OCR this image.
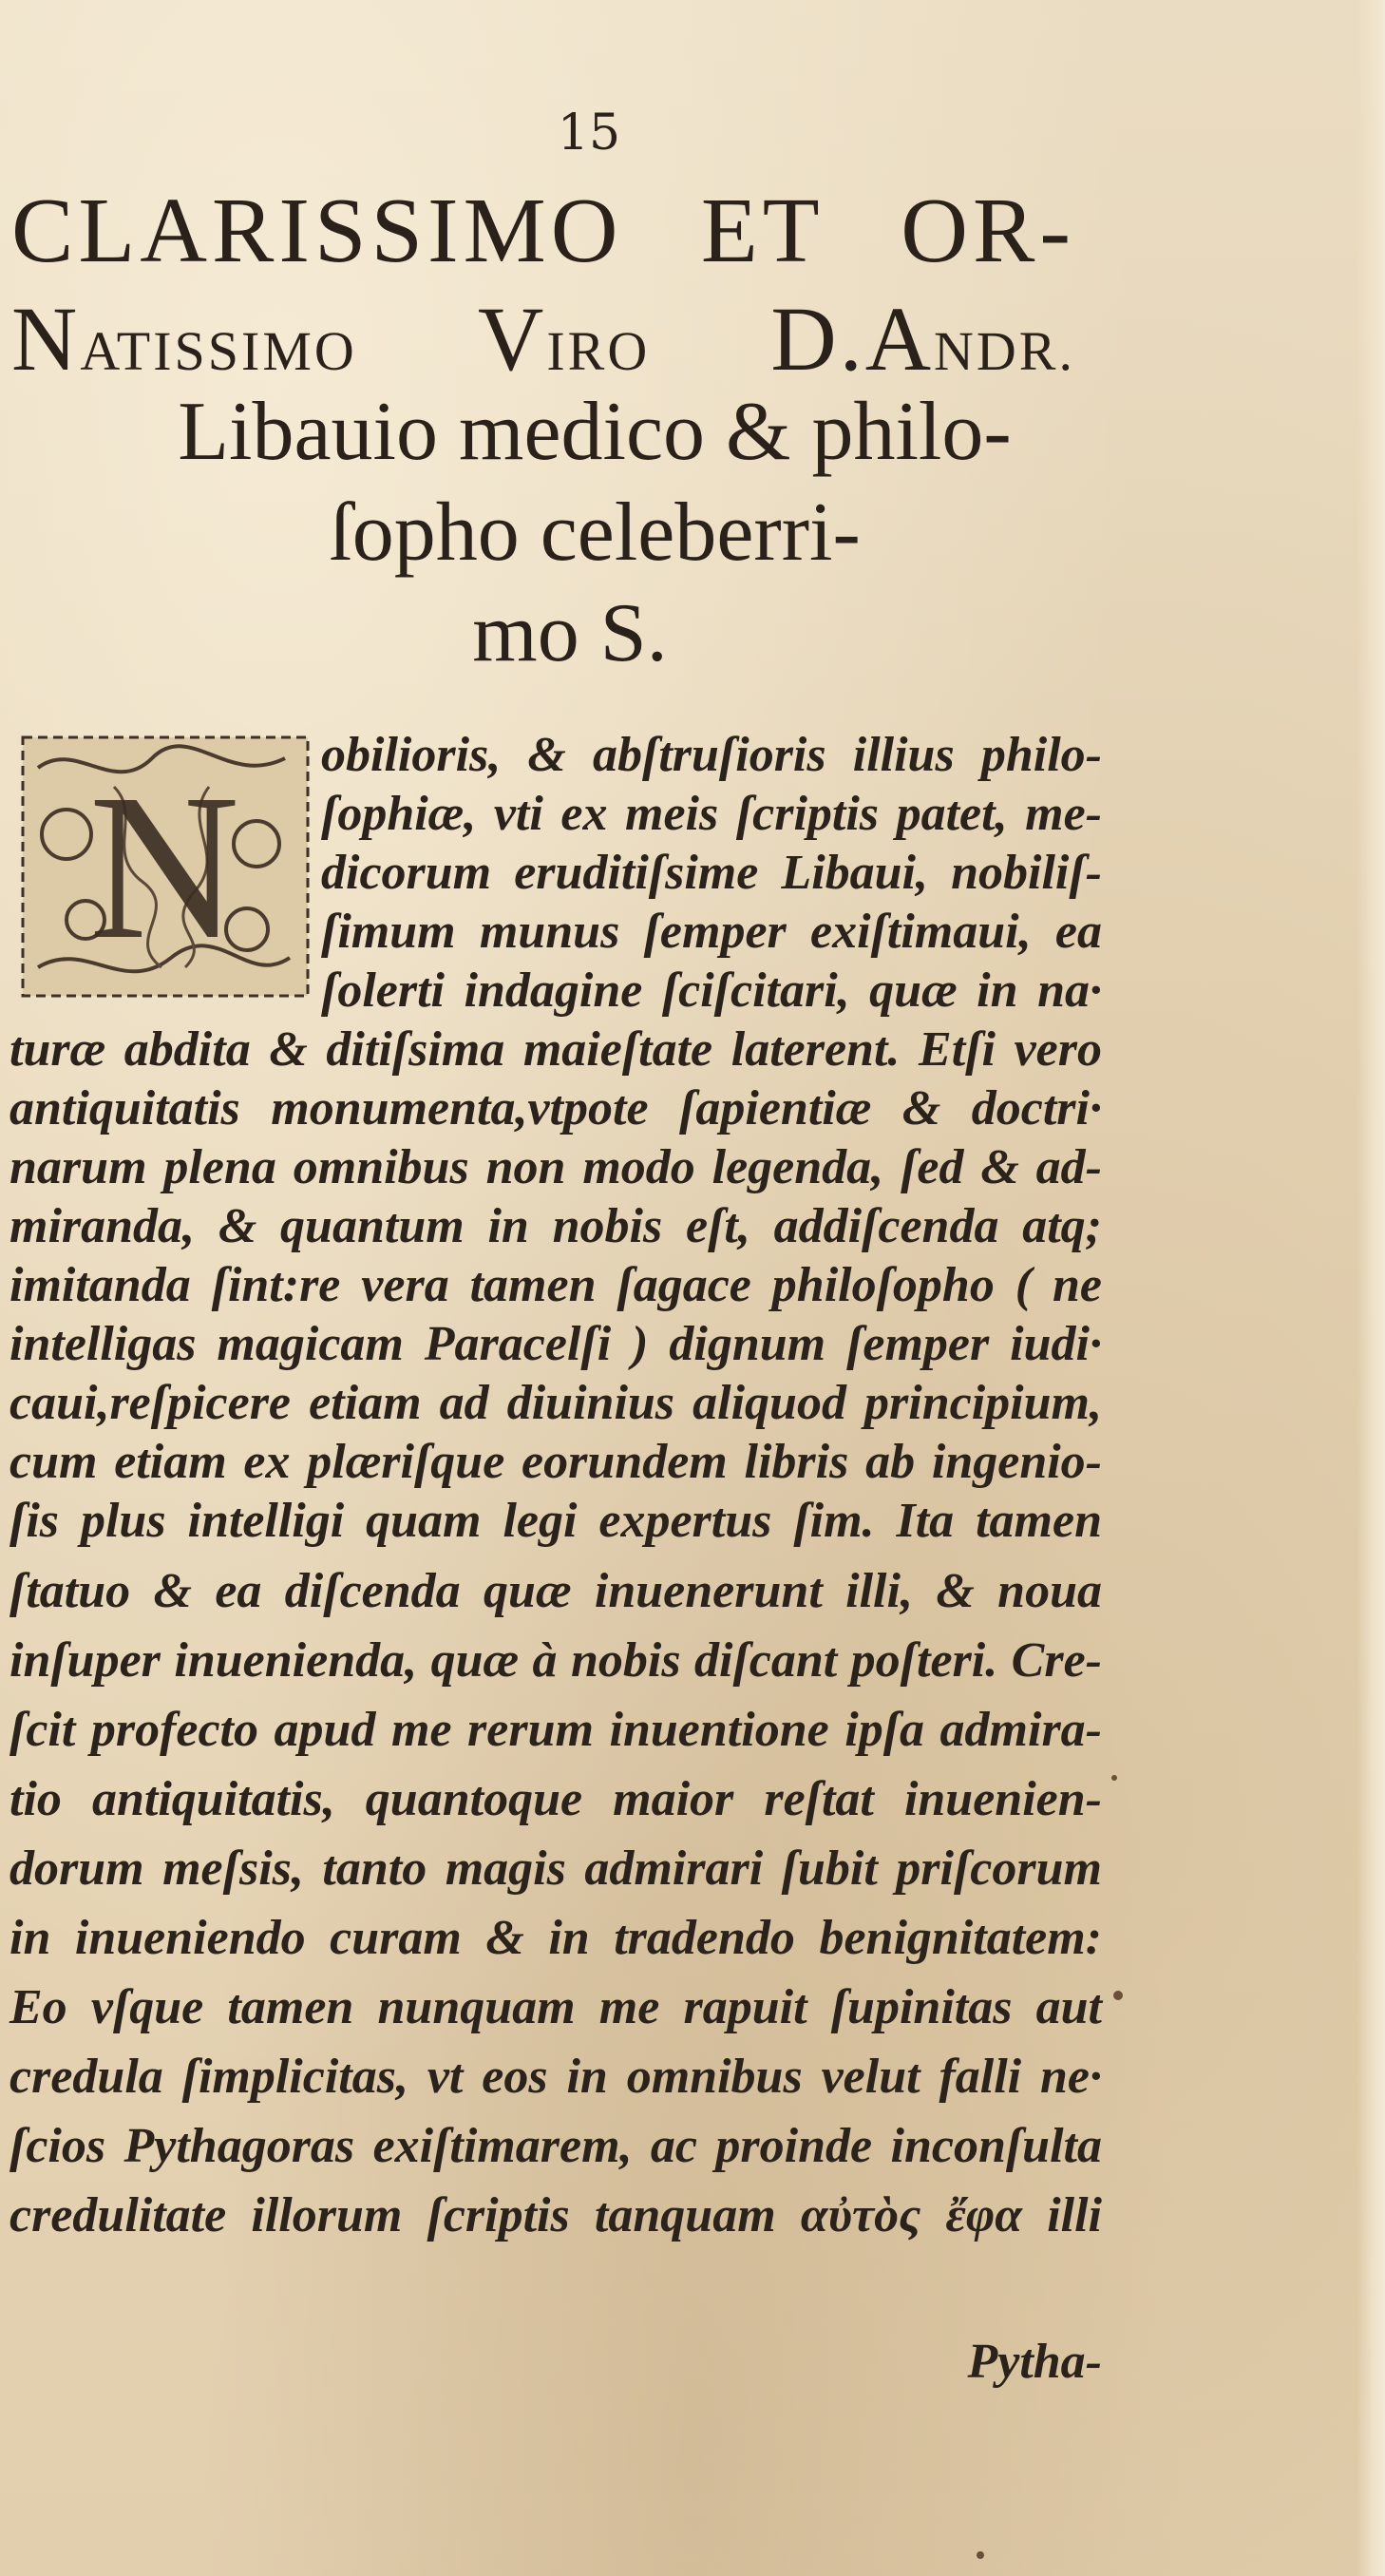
15
CLARISSIMO ET OR-
NATISSIMO VIRO D.ANDR.
Libauio medico & philo-
ſopho celeberri-
mo S.
N obilioris, & abſtruſioris illius philo-
ſophiæ, vti ex meis ſcriptis patet, me-
dicorum eruditiſsime Libaui, nobiliſ-
ſimum munus ſemper exiſtimaui, ea
ſolerti indagine ſciſcitari, quæ in na·
turæ abdita & ditiſsima maieſtate laterent. Etſi vero
antiquitatis monumenta,vtpote ſapientiæ & doctri·
narum plena omnibus non modo legenda, ſed & ad-
miranda, & quantum in nobis eſt, addiſcenda atq;
imitanda ſint:re vera tamen ſagace philoſopho ( ne
intelligas magicam Paracelſi ) dignum ſemper iudi·
caui,reſpicere etiam ad diuinius aliquod principium,
cum etiam ex plæriſque eorundem libris ab ingenio-
ſis plus intelligi quam legi expertus ſim. Ita tamen
ſtatuo & ea diſcenda quæ inuenerunt illi, & noua
inſuper inuenienda, quæ à nobis diſcant poſteri. Cre-
ſcit profecto apud me rerum inuentione ipſa admira-
tio antiquitatis, quantoque maior reſtat inuenien-
dorum meſsis, tanto magis admirari ſubit priſcorum
in inueniendo curam & in tradendo benignitatem:
Eo vſque tamen nunquam me rapuit ſupinitas aut
credula ſimplicitas, vt eos in omnibus velut falli ne·
ſcios Pythagoras exiſtimarem, ac proinde inconſulta
credulitate illorum ſcriptis tanquam αὐτὸς ἔφα illi
Pytha-
